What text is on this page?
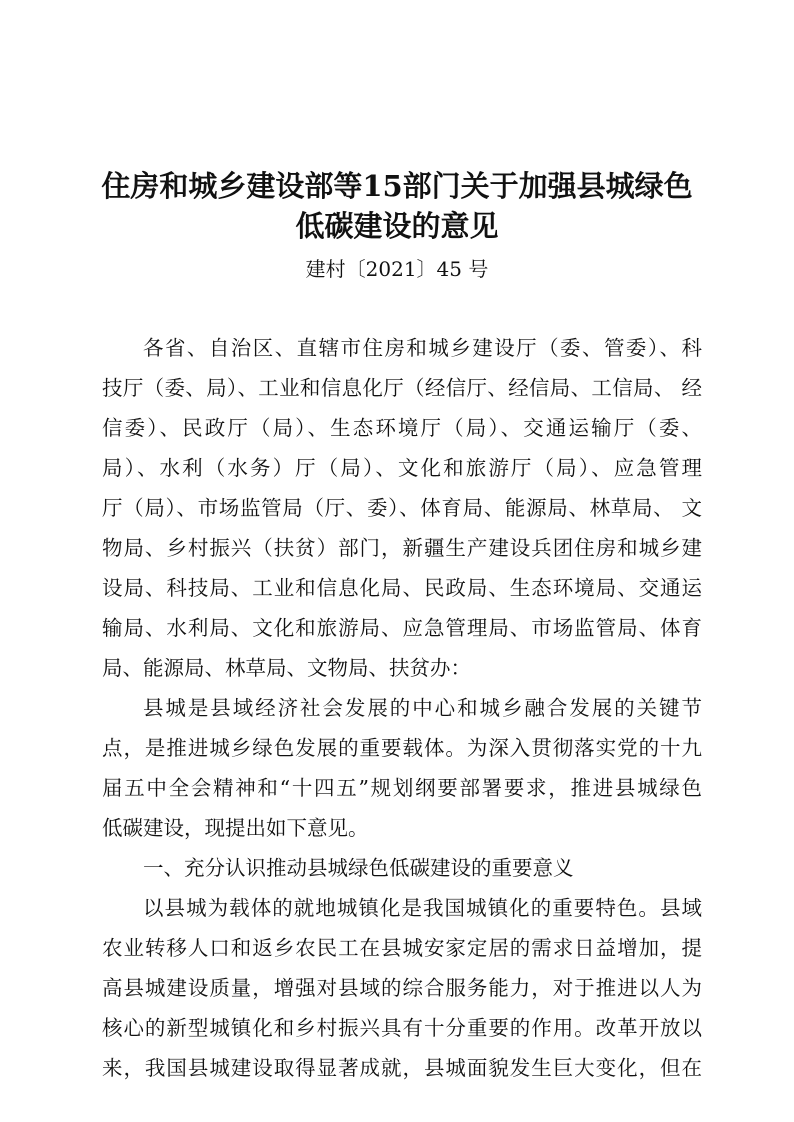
住房和城乡建设部等15部门关于加强县城绿色
低碳建设的意见
建村〔2021〕45 号
各省、自治区、直辖市住房和城乡建设厅（委、管委）、科
技厅（委、局）、工业和信息化厅（经信厅、经信局、工信局、 经
信委）、民政厅（局）、生态环境厅（局）、交通运输厅（委、
局）、水利（水务）厅（局）、文化和旅游厅（局）、应急管理
厅（局）、市场监管局（厅、委）、体育局、能源局、林草局、 文
物局、乡村振兴（扶贫）部门，新疆生产建设兵团住房和城乡建
设局、科技局、工业和信息化局、民政局、生态环境局、交通运
输局、水利局、文化和旅游局、应急管理局、市场监管局、体育
局、能源局、林草局、文物局、扶贫办：
县城是县域经济社会发展的中心和城乡融合发展的关键节
点，是推进城乡绿色发展的重要载体。为深入贯彻落实党的十九
届五中全会精神和“十四五”规划纲要部署要求，推进县城绿色
低碳建设，现提出如下意见。
一、充分认识推动县城绿色低碳建设的重要意义
以县城为载体的就地城镇化是我国城镇化的重要特色。县域
农业转移人口和返乡农民工在县城安家定居的需求日益增加，提
高县城建设质量，增强对县域的综合服务能力，对于推进以人为
核心的新型城镇化和乡村振兴具有十分重要的作用。改革开放以
来，我国县城建设取得显著成就，县城面貌发生巨大变化，但在
